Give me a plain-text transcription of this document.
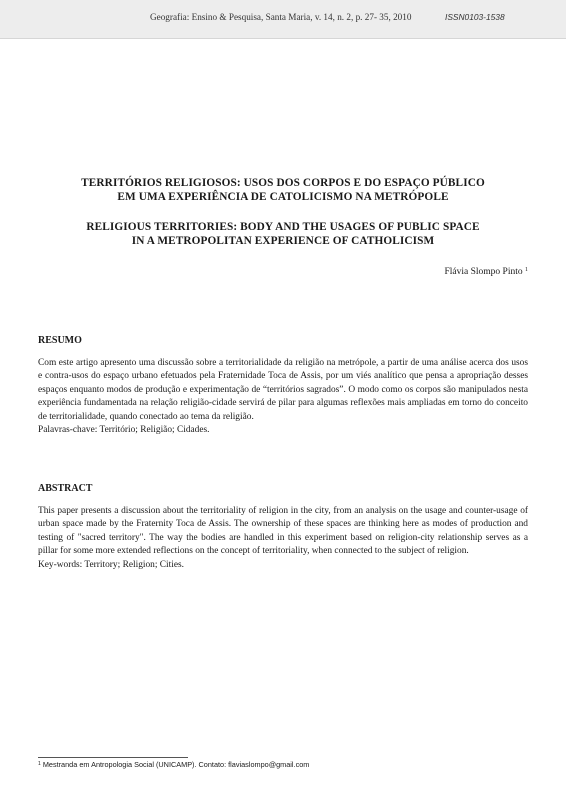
Geografia: Ensino & Pesquisa, Santa Maria, v. 14, n. 2, p. 27- 35, 2010	ISSN0103-1538
TERRITÓRIOS RELIGIOSOS: USOS DOS CORPOS E DO ESPAÇO PÚBLICO
EM UMA EXPERIÊNCIA DE CATOLICISMO NA METRÓPOLE
RELIGIOUS TERRITORIES: BODY AND THE USAGES OF PUBLIC SPACE
IN A METROPOLITAN EXPERIENCE OF CATHOLICISM
Flávia Slompo Pinto $^1$
RESUMO
Com este artigo apresento uma discussão sobre a territorialidade da religião na metrópole, a partir de uma análise acerca dos usos e contra-usos do espaço urbano efetuados pela Fraternidade Toca de Assis, por um viés analítico que pensa a apropriação desses espaços enquanto modos de produção e experimentação de “territórios sagrados”. O modo como os corpos são manipulados nesta experiência fundamentada na relação religião-cidade servirá de pilar para algumas reflexões mais ampliadas em torno do conceito de territorialidade, quando conectado ao tema da religião.
Palavras-chave: Território; Religião; Cidades.
ABSTRACT
This paper presents a discussion about the territoriality of religion in the city, from an analysis on the usage and counter-usage of urban space made by the Fraternity Toca de Assis. The ownership of these spaces are thinking here as modes of production and testing of "sacred territory". The way the bodies are handled in this experiment based on religion-city relationship serves as a pillar for some more extended reflections on the concept of territoriality, when connected to the subject of religion.
Key-words: Territory; Religion; Cities.
$^1$ Mestranda em Antropologia Social (UNICAMP). Contato: flaviaslompo@gmail.com
